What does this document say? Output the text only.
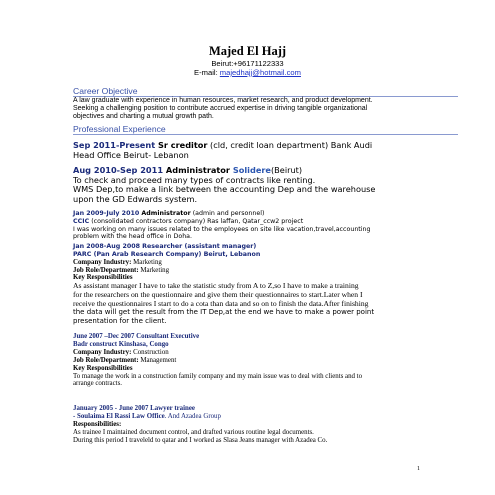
Majed El Hajj
Beirut:+96171122333
E-mail: majedhajj@hotmail.com
Career Objective
A law graduate with experience in human resources, market research, and product development.
Seeking a challenging position to contribute accrued expertise in driving tangible organizational
objectives and charting a mutual growth path.
Professional Experience
Sep 2011-Present Sr creditor (cld, credit loan department) Bank Audi
Head Office Beirut- Lebanon
Aug 2010-Sep 2011 Administrator Solidere(Beirut)
To check and proceed many types of contracts like renting.
WMS Dep,to make a link between the accounting Dep and the warehouse
upon the GD Edwards system.
Jan 2009-July 2010 Administrator (admin and personnel)
CCIC (consolidated contractors company) Ras laffan, Qatar_ccw2 project
I was working on many issues related to the employees on site like vacation,travel,accounting
problem with the head office in Doha.
Jan 2008-Aug 2008 Researcher (assistant manager)
PARC (Pan Arab Research Company) Beirut, Lebanon
Company Industry: Marketing
Job Role/Department: Marketing
Key Responsibilities
As assistant manager I have to take the statistic study from A to Z,so I have to make a training
for the researchers on the questionnaire and give them their questionnaires to start.Later when I
receive the questionnaires I start to do a cota than data and so on to finish the data.After finishing
the data will get the result from the IT Dep,at the end we have to make a power point
presentation for the client.
June 2007 –Dec 2007 Consultant Executive
Badr construct Kinshasa, Congo
Company Industry: Construction
Job Role/Department: Management
Key Responsibilities
To manage the work in a construction family company and my main issue was to deal with clients and to
arrange contracts.
January 2005 - June 2007 Lawyer trainee
- Soulaima El Rassi Law Office. And Azadea Group
Responsibilities:
As trainee I maintained document control, and drafted various routine legal documents.
During this period I traveleld to qatar and I worked as Slasa Jeans manager with Azadea Co.
1
